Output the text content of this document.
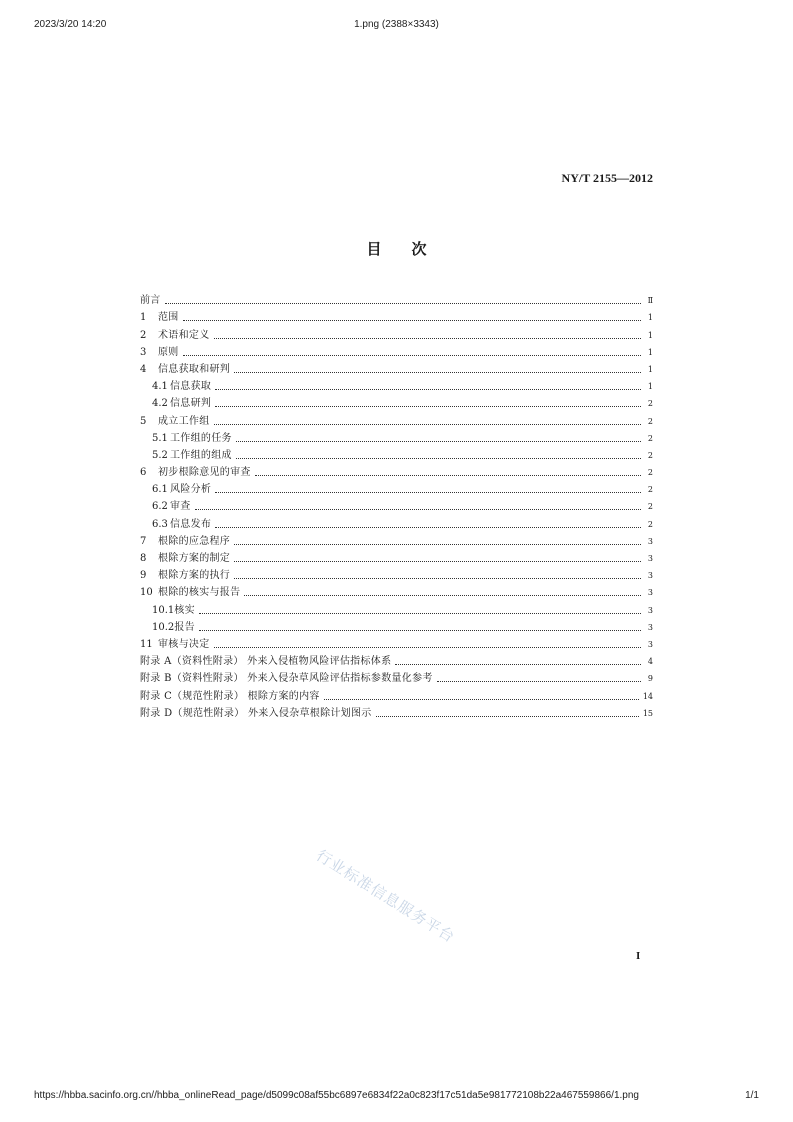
2023/3/20 14:20	1.png (2388×3343)
NY/T 2155—2012
目次
前言	Ⅱ
1	范围	1
2	术语和定义	1
3	原则	1
4	信息获取和研判	1
4.1 信息获取	1
4.2 信息研判	2
5	成立工作组	2
5.1 工作组的任务	2
5.2 工作组的组成	2
6	初步根除意见的审查	2
6.1 风险分析	2
6.2 审查	2
6.3 信息发布	2
7	根除的应急程序	3
8	根除方案的制定	3
9	根除方案的执行	3
10 根除的核实与报告	3
10.1 核实	3
10.2 报告	3
11 审核与决定	3
附录 A（资料性附录） 外来入侵植物风险评估指标体系	4
附录 B（资料性附录） 外来入侵杂草风险评估指标参数量化参考	9
附录 C（规范性附录） 根除方案的内容	14
附录 D（规范性附录） 外来入侵杂草根除计划图示	15
行业标准信息服务平台
I
https://hbba.sacinfo.org.cn//hbba_onlineRead_page/d5099c08af55bc6897e6834f22a0c823f17c51da5e981772108b22a467559866/1.png	1/1
